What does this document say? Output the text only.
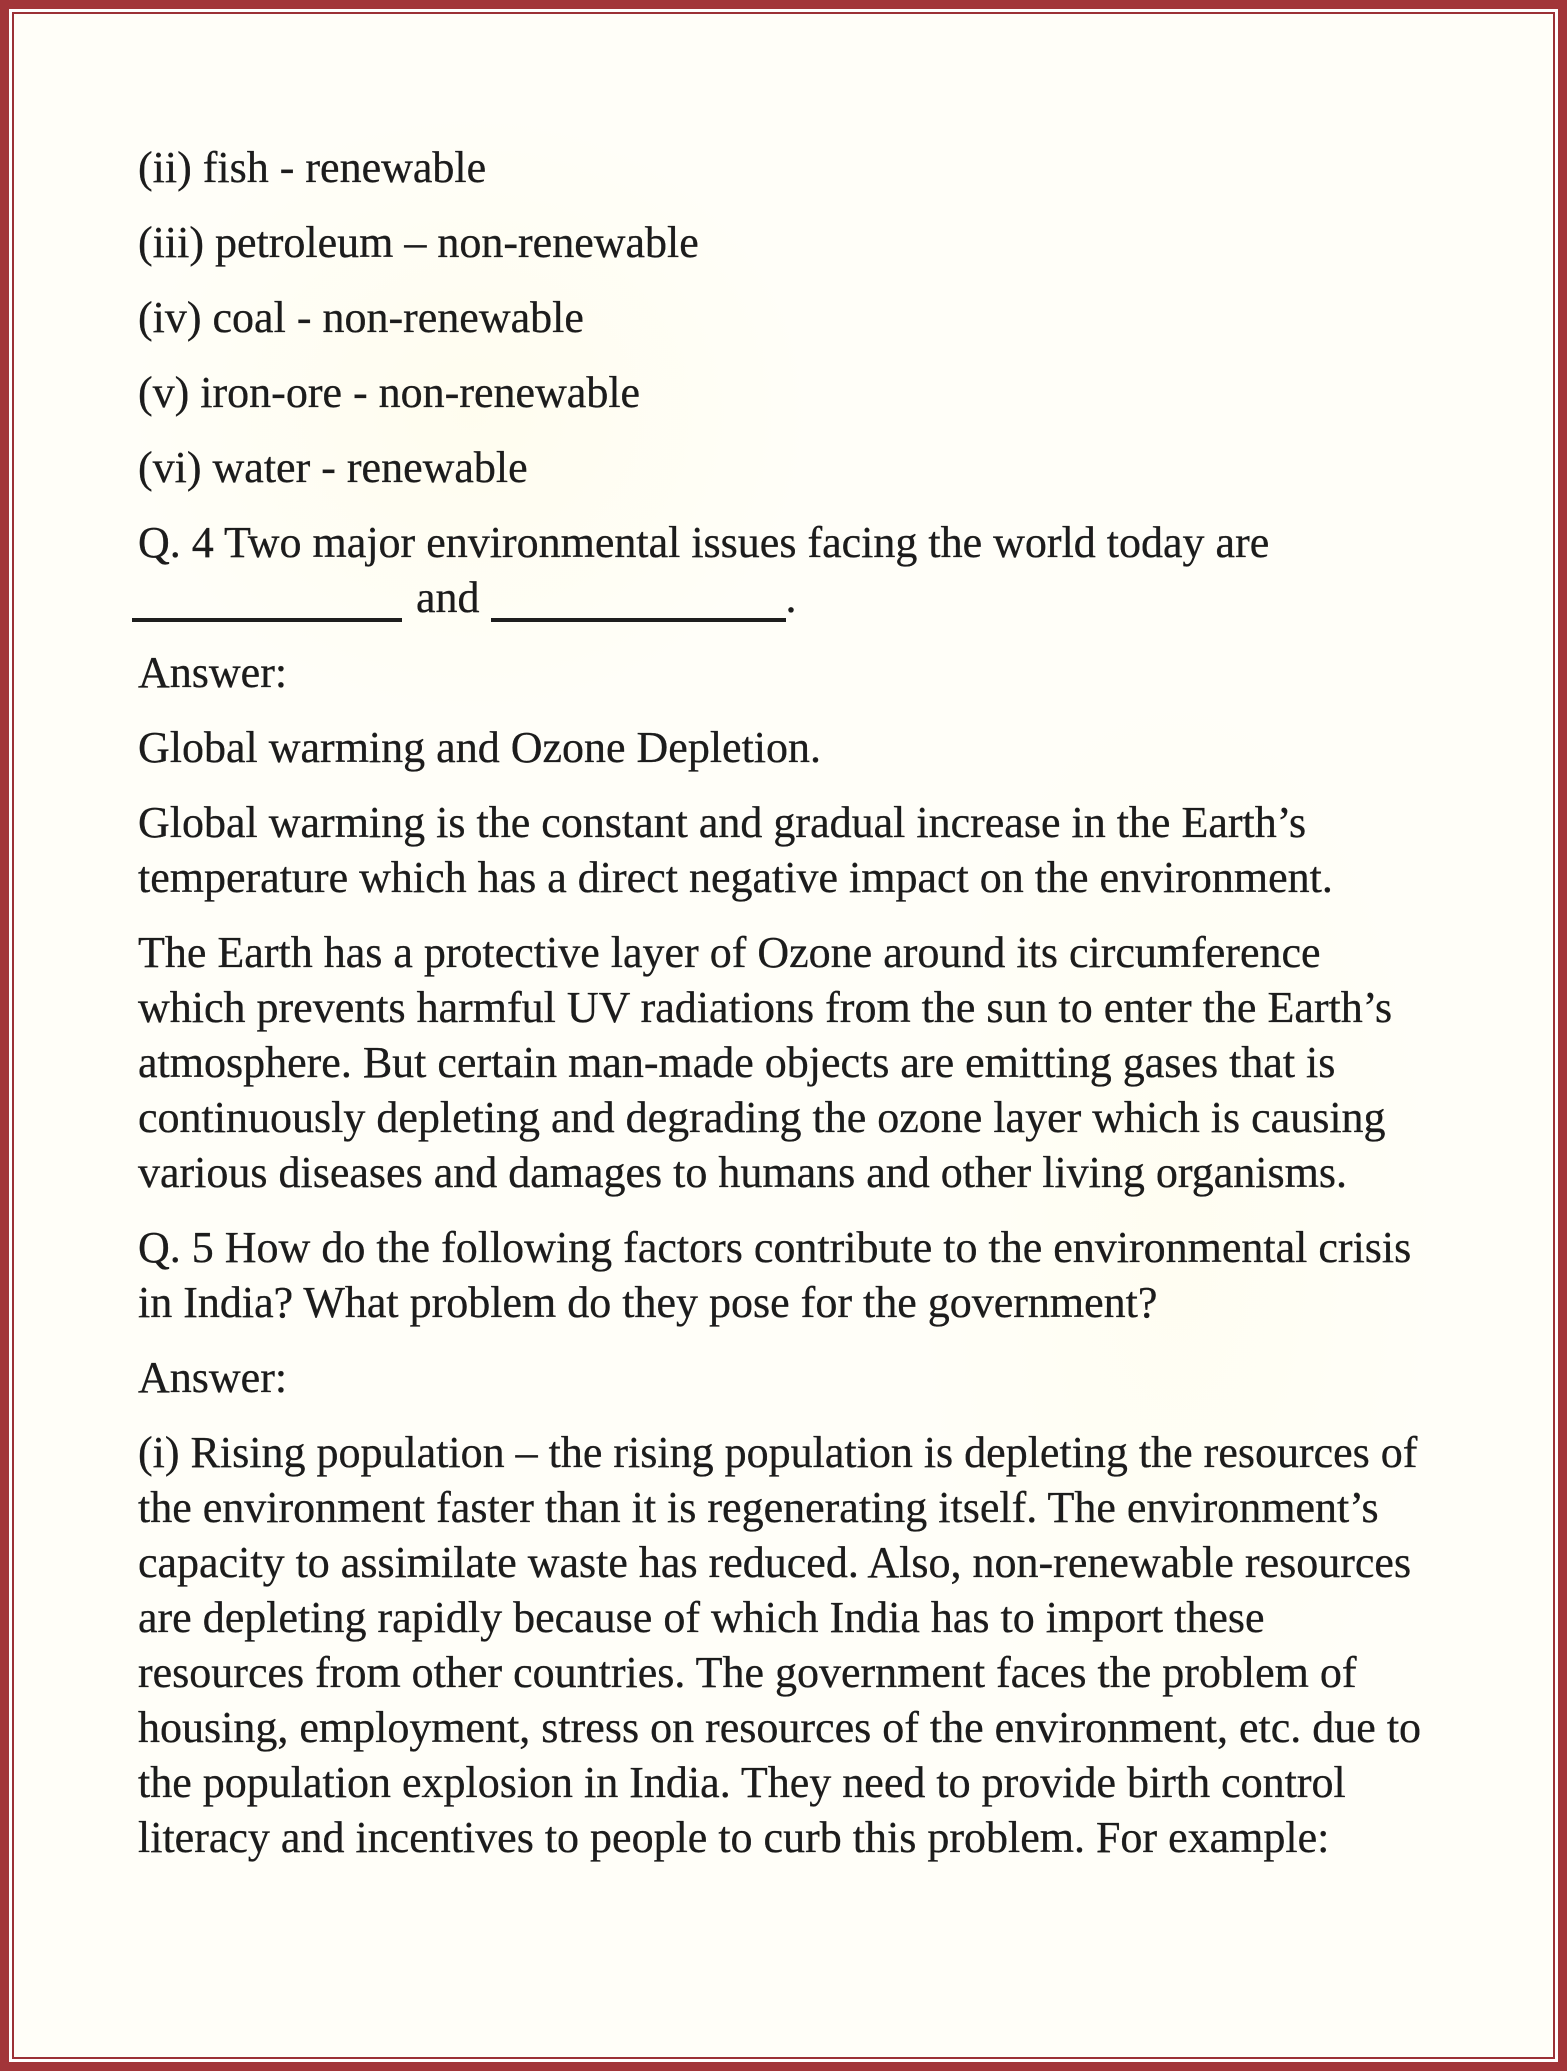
(ii) fish - renewable

(iii) petroleum – non-renewable

(iv) coal - non-renewable

(v) iron-ore - non-renewable

(vi) water - renewable

Q. 4 Two major environmental issues facing the world today are
and	.

Answer:

Global warming and Ozone Depletion.

Global warming is the constant and gradual increase in the Earth’s
temperature which has a direct negative impact on the environment.
The Earth has a protective layer of Ozone around its circumference
which prevents harmful UV radiations from the sun to enter the Earth’s
atmosphere. But certain man-made objects are emitting gases that is
continuously depleting and degrading the ozone layer which is causing
various diseases and damages to humans and other living organisms.
Q. 5 How do the following factors contribute to the environmental crisis
in India? What problem do they pose for the government?

Answer:

(i) Rising population – the rising population is depleting the resources of
the environment faster than it is regenerating itself. The environment’s
capacity to assimilate waste has reduced. Also, non-renewable resources
are depleting rapidly because of which India has to import these
resources from other countries. The government faces the problem of
housing, employment, stress on resources of the environment, etc. due to
the population explosion in India. They need to provide birth control
literacy and incentives to people to curb this problem. For example:
